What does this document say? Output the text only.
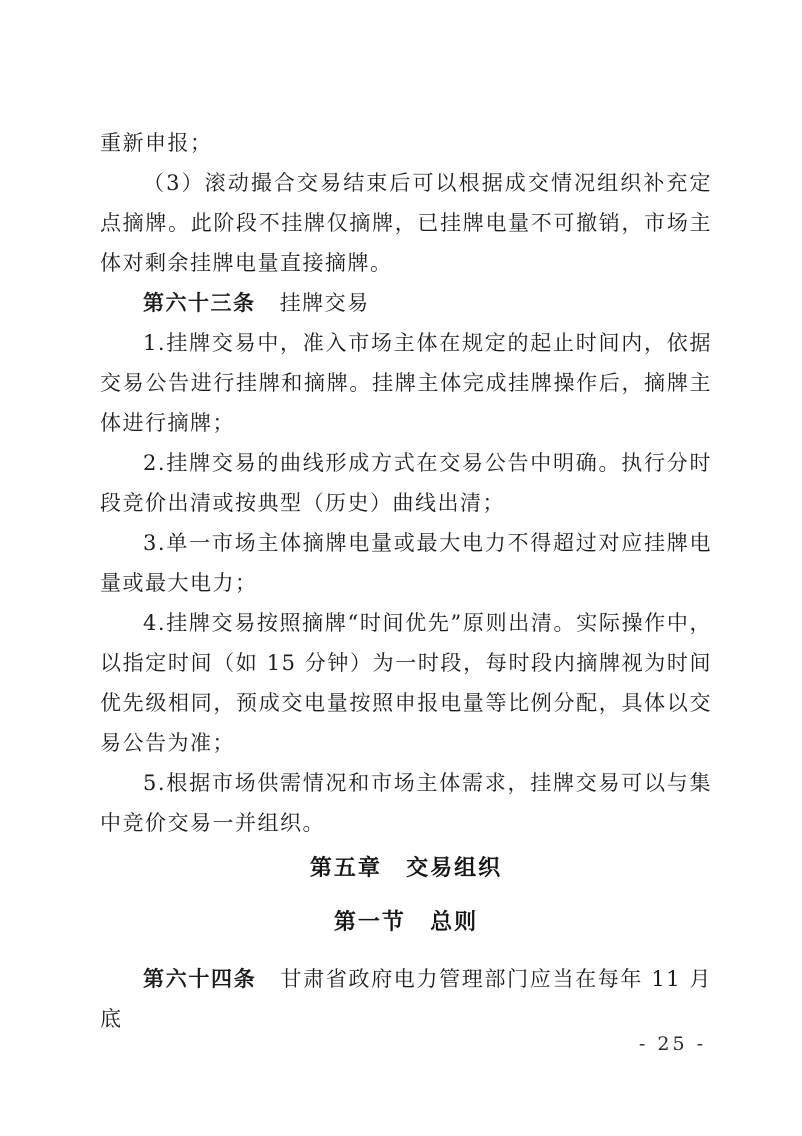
重新申报；

（3）滚动撮合交易结束后可以根据成交情况组织补充定点摘牌。此阶段不挂牌仅摘牌，已挂牌电量不可撤销，市场主体对剩余挂牌电量直接摘牌。

第六十三条 挂牌交易

1.挂牌交易中，准入市场主体在规定的起止时间内，依据交易公告进行挂牌和摘牌。挂牌主体完成挂牌操作后，摘牌主体进行摘牌；

2.挂牌交易的曲线形成方式在交易公告中明确。执行分时段竞价出清或按典型（历史）曲线出清；

3.单一市场主体摘牌电量或最大电力不得超过对应挂牌电量或最大电力；

4.挂牌交易按照摘牌“时间优先”原则出清。实际操作中，以指定时间（如 15 分钟）为一时段，每时段内摘牌视为时间优先级相同，预成交电量按照申报电量等比例分配，具体以交易公告为准；

5.根据市场供需情况和市场主体需求，挂牌交易可以与集中竞价交易一并组织。

第五章 交易组织
第一节 总则

第六十四条 甘肃省政府电力管理部门应当在每年 11 月底

- 25 -
